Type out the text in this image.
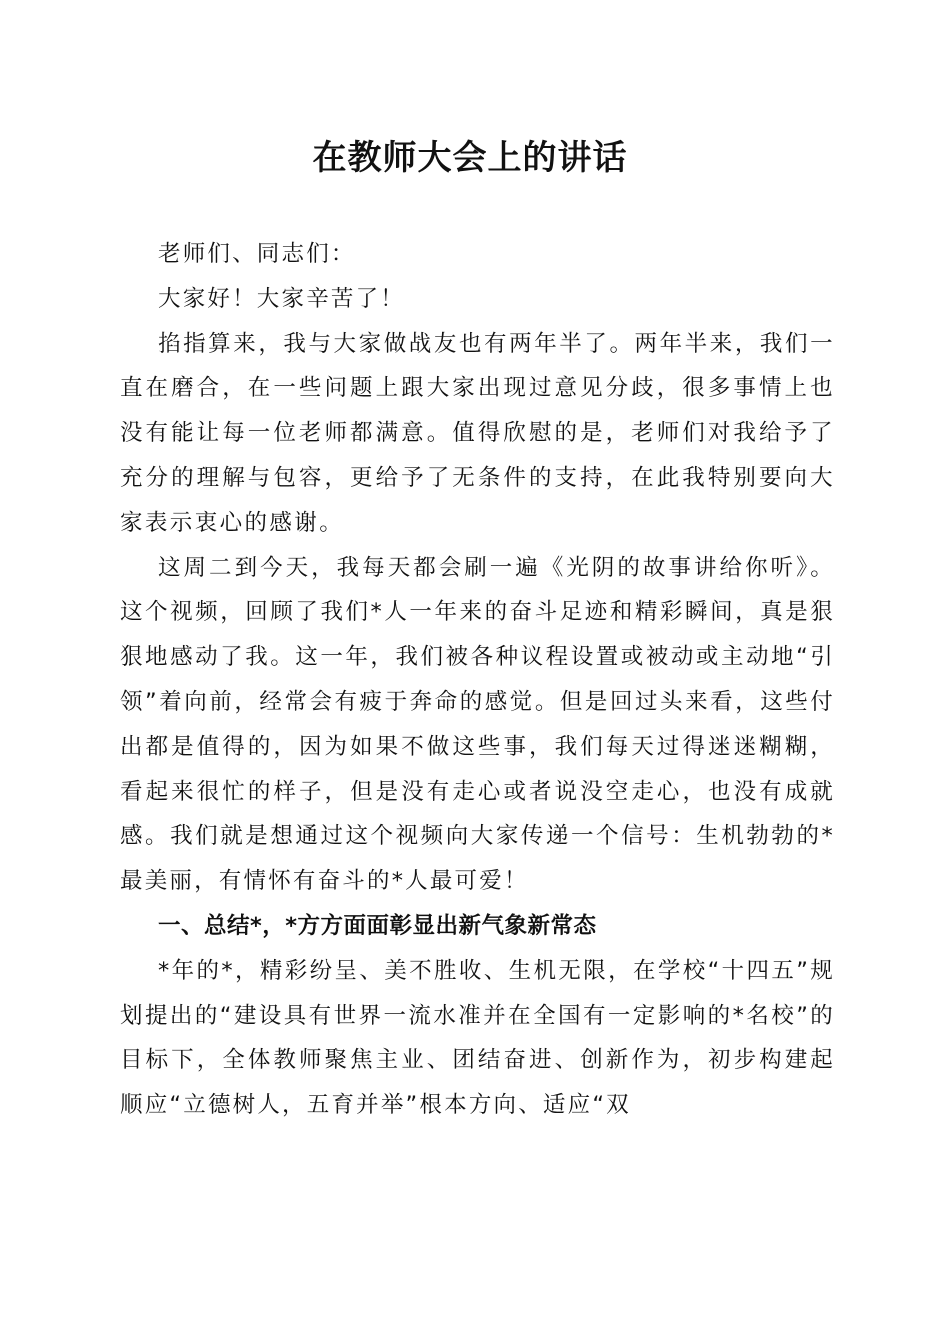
在教师大会上的讲话

老师们、同志们：

大家好！大家辛苦了！

掐指算来，我与大家做战友也有两年半了。两年半来，我们一直在磨合，在一些问题上跟大家出现过意见分歧，很多事情上也没有能让每一位老师都满意。值得欣慰的是，老师们对我给予了充分的理解与包容，更给予了无条件的支持，在此我特别要向大家表示衷心的感谢。

这周二到今天，我每天都会刷一遍《光阴的故事讲给你听》。这个视频，回顾了我们*人一年来的奋斗足迹和精彩瞬间，真是狠狠地感动了我。这一年，我们被各种议程设置或被动或主动地“引领”着向前，经常会有疲于奔命的感觉。但是回过头来看，这些付出都是值得的，因为如果不做这些事，我们每天过得迷迷糊糊，看起来很忙的样子，但是没有走心或者说没空走心，也没有成就感。我们就是想通过这个视频向大家传递一个信号：生机勃勃的*最美丽，有情怀有奋斗的*人最可爱！

一、总结*，*方方面面彰显出新气象新常态

*年的*，精彩纷呈、美不胜收、生机无限，在学校“十四五”规划提出的“建设具有世界一流水准并在全国有一定影响的*名校”的目标下，全体教师聚焦主业、团结奋进、创新作为，初步构建起顺应“立德树人，五育并举”根本方向、适应“双
